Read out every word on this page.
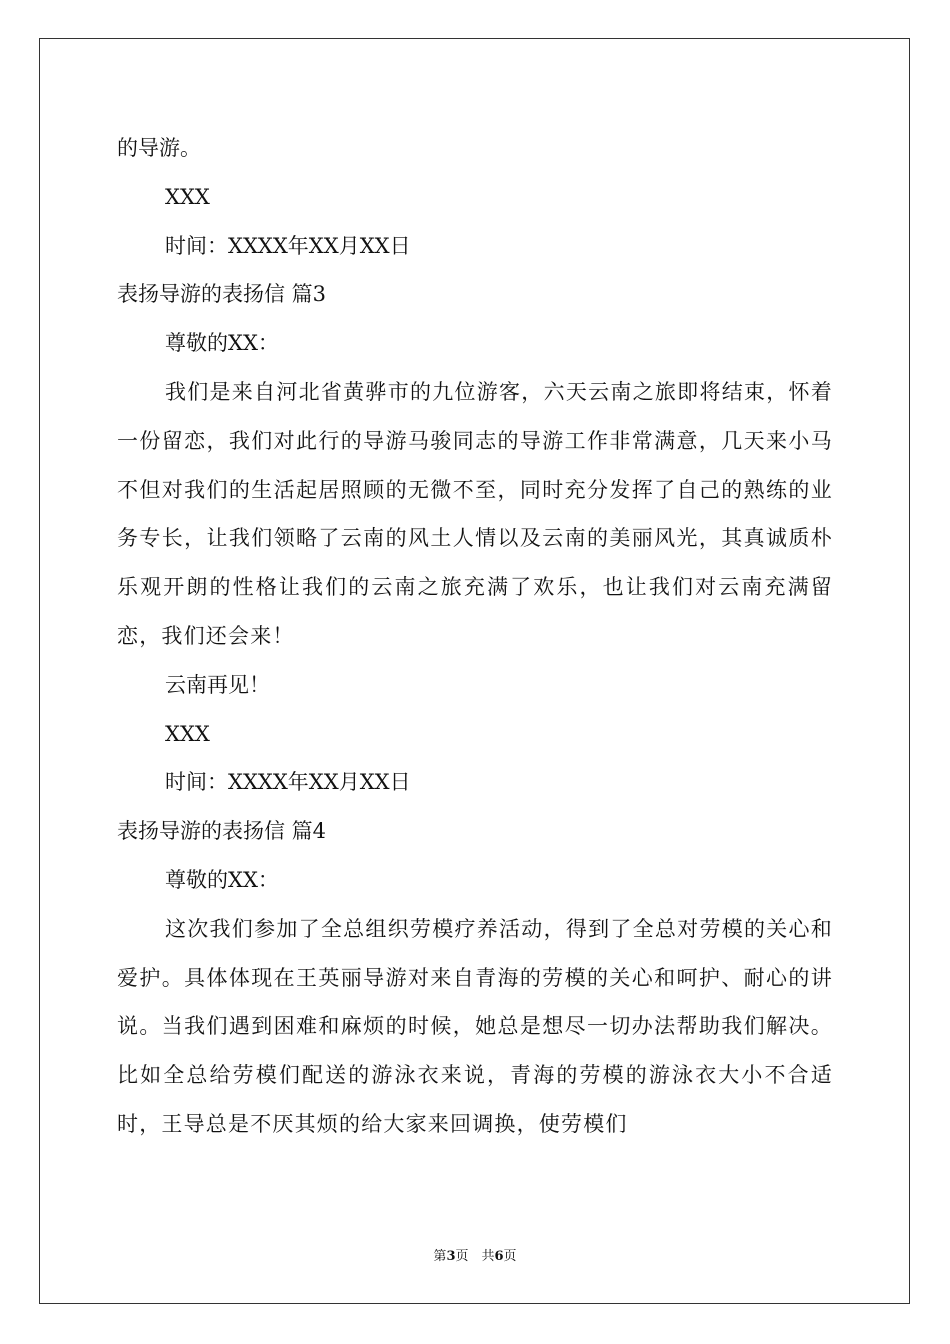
的导游。
XXX
时间：XXXX年XX月XX日
表扬导游的表扬信 篇3
尊敬的XX：
我们是来自河北省黄骅市的九位游客，六天云南之旅即将结束，怀着一份留恋，我们对此行的导游马骏同志的导游工作非常满意，几天来小马不但对我们的生活起居照顾的无微不至，同时充分发挥了自己的熟练的业务专长，让我们领略了云南的风土人情以及云南的美丽风光，其真诚质朴乐观开朗的性格让我们的云南之旅充满了欢乐，也让我们对云南充满留恋，我们还会来！
云南再见！
XXX
时间：XXXX年XX月XX日
表扬导游的表扬信 篇4
尊敬的XX：
这次我们参加了全总组织劳模疗养活动，得到了全总对劳模的关心和爱护。具体体现在王英丽导游对来自青海的劳模的关心和呵护、耐心的讲说。当我们遇到困难和麻烦的时候，她总是想尽一切办法帮助我们解决。比如全总给劳模们配送的游泳衣来说，青海的劳模的游泳衣大小不合适时，王导总是不厌其烦的给大家来回调换，使劳模们
第3页　共6页
